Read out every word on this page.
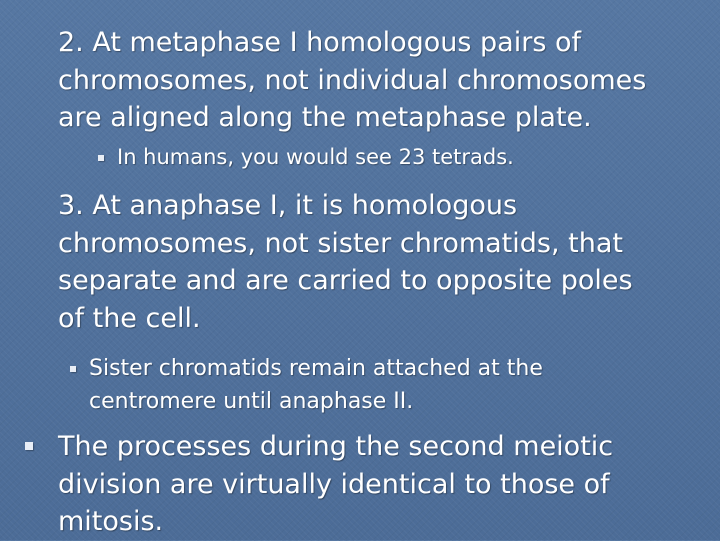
2. At metaphase I homologous pairs of
chromosomes, not individual chromosomes
are aligned along the metaphase plate.
In humans, you would see 23 tetrads.
3. At anaphase I, it is homologous
chromosomes, not sister chromatids, that
separate and are carried to opposite poles
of the cell.
Sister chromatids remain attached at the
centromere until anaphase II.
The processes during the second meiotic
division are virtually identical to those of
mitosis.
